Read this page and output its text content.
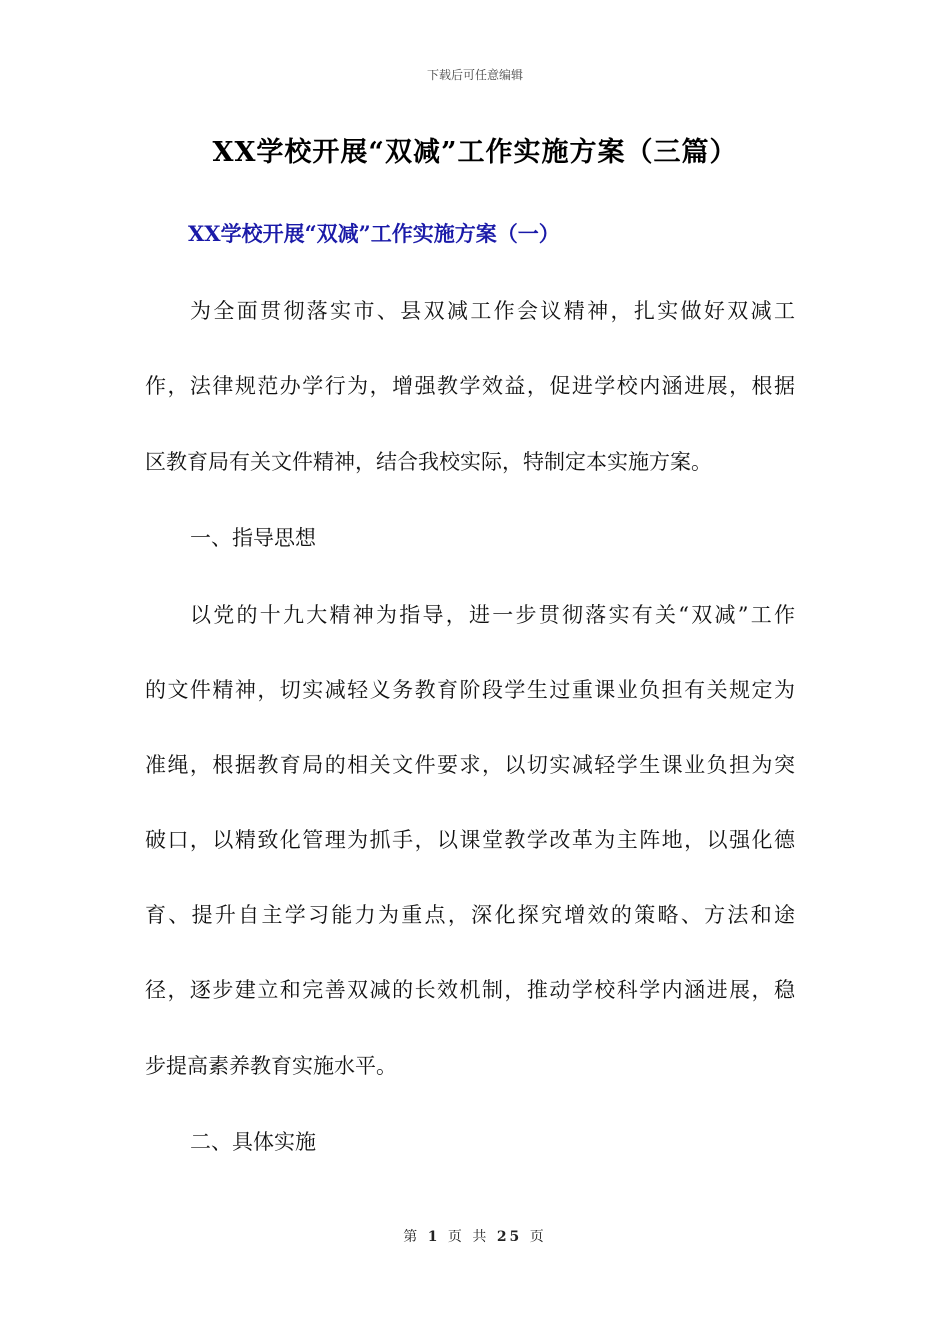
下载后可任意编辑
XX学校开展“双减”工作实施方案（三篇）
XX学校开展“双减”工作实施方案（一）
为全面贯彻落实市、县双减工作会议精神，扎实做好双减工
作，法律规范办学行为，增强教学效益，促进学校内涵进展，根据
区教育局有关文件精神，结合我校实际，特制定本实施方案。
一、指导思想
以党的十九大精神为指导，进一步贯彻落实有关“双减”工作
的文件精神，切实减轻义务教育阶段学生过重课业负担有关规定为
准绳，根据教育局的相关文件要求，以切实减轻学生课业负担为突
破口，以精致化管理为抓手，以课堂教学改革为主阵地，以强化德
育、提升自主学习能力为重点，深化探究增效的策略、方法和途
径，逐步建立和完善双减的长效机制，推动学校科学内涵进展，稳
步提高素养教育实施水平。
二、具体实施
第 1 页 共 25 页
